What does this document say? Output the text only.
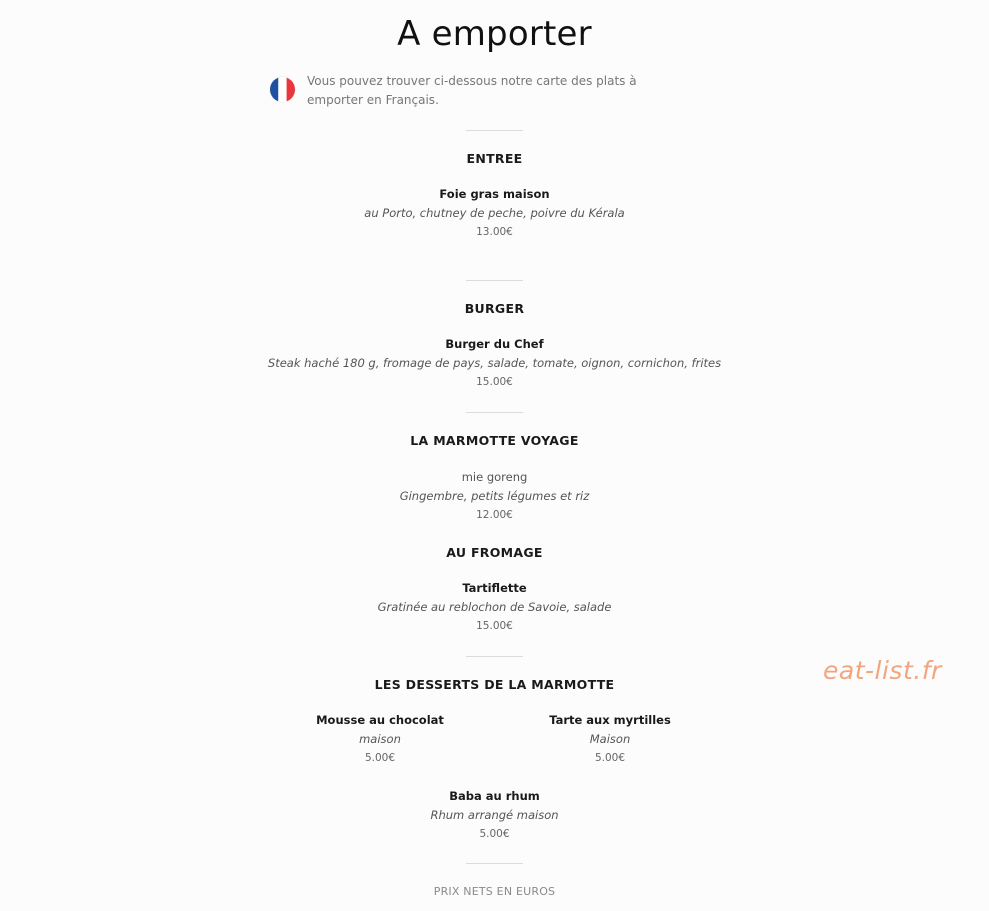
A emporter
Vous pouvez trouver ci-dessous notre carte des plats à emporter en Français.
ENTREE
Foie gras maison
au Porto, chutney de peche, poivre du Kérala
13.00€
BURGER
Burger du Chef
Steak haché 180 g, fromage de pays, salade, tomate, oignon, cornichon, frites
15.00€
LA MARMOTTE VOYAGE
mie goreng
Gingembre, petits légumes et riz
12.00€
AU FROMAGE
Tartiflette
Gratinée au reblochon de Savoie, salade
15.00€
LES DESSERTS DE LA MARMOTTE
Mousse au chocolat
maison
5.00€
Tarte aux myrtilles
Maison
5.00€
Baba au rhum
Rhum arrangé maison
5.00€
PRIX NETS EN EUROS
eat-list.fr
